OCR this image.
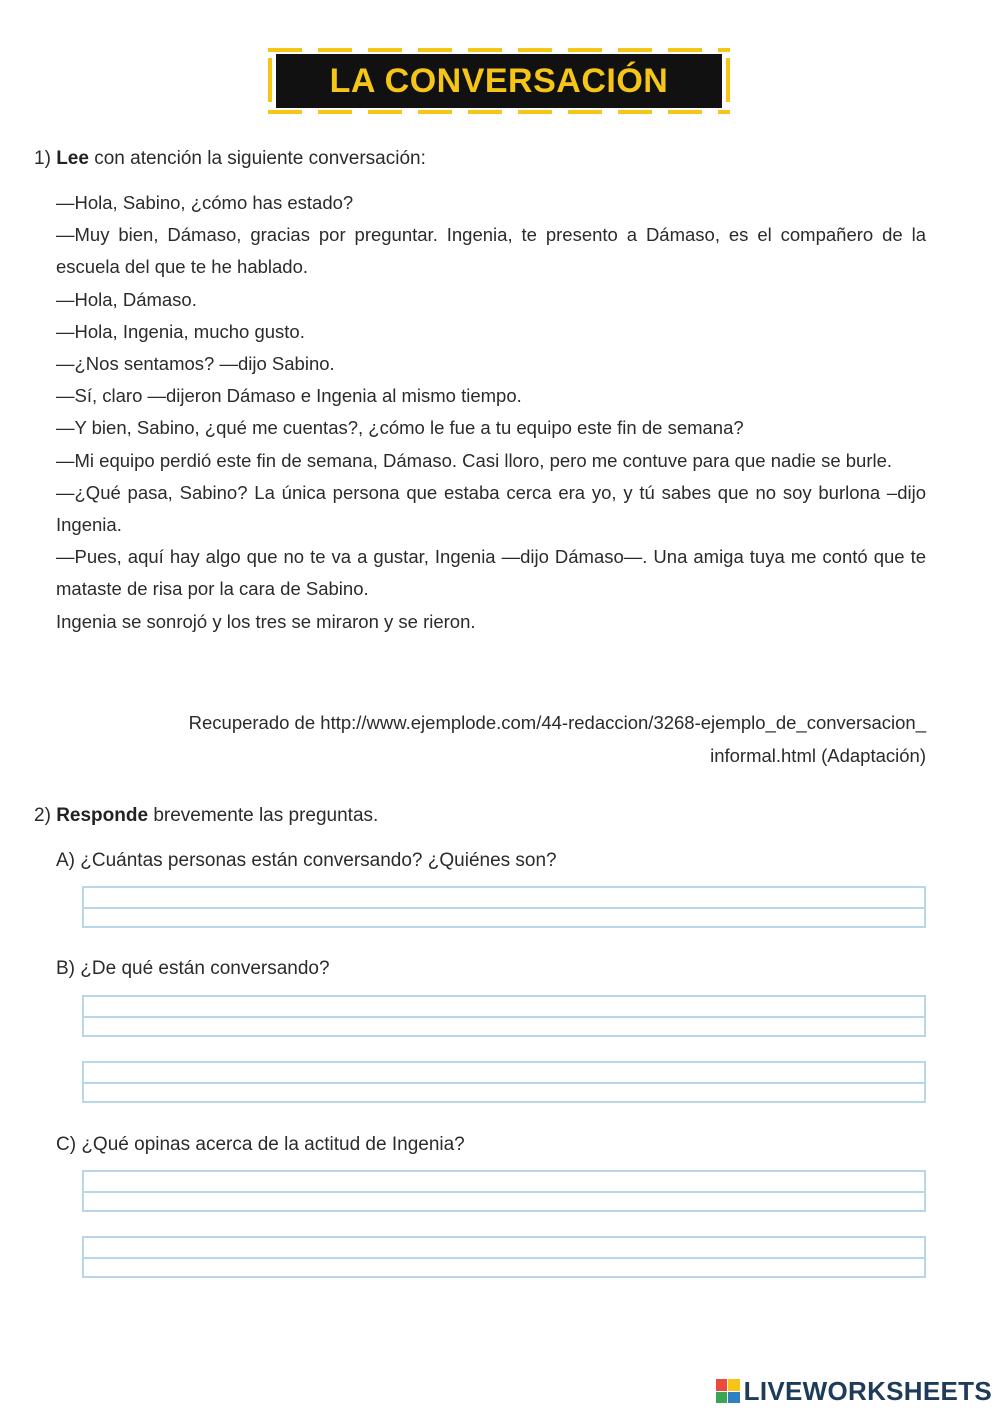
LA CONVERSACIÓN
1) Lee con atención la siguiente conversación:

—Hola, Sabino, ¿cómo has estado?

—Muy bien, Dámaso, gracias por preguntar. Ingenia, te presento a Dámaso, es el compañero de la escuela del que te he hablado.

—Hola, Dámaso.

—Hola, Ingenia, mucho gusto.

—¿Nos sentamos? —dijo Sabino.

—Sí, claro —dijeron Dámaso e Ingenia al mismo tiempo.

—Y bien, Sabino, ¿qué me cuentas?, ¿cómo le fue a tu equipo este fin de semana?

—Mi equipo perdió este fin de semana, Dámaso. Casi lloro, pero me contuve para que nadie se burle.

—¿Qué pasa, Sabino? La única persona que estaba cerca era yo, y tú sabes que no soy burlona –dijo Ingenia.

—Pues, aquí hay algo que no te va a gustar, Ingenia —dijo Dámaso—. Una amiga tuya me contó que te mataste de risa por la cara de Sabino.

Ingenia se sonrojó y los tres se miraron y se rieron.

Recuperado de http://www.ejemplode.com/44-redaccion/3268-ejemplo_de_conversacion_
informal.html (Adaptación)
2) Responde brevemente las preguntas.
A) ¿Cuántas personas están conversando? ¿Quiénes son?
B) ¿De qué están conversando?
C) ¿Qué opinas acerca de la actitud de Ingenia?
LIVEWORKSHEETS
